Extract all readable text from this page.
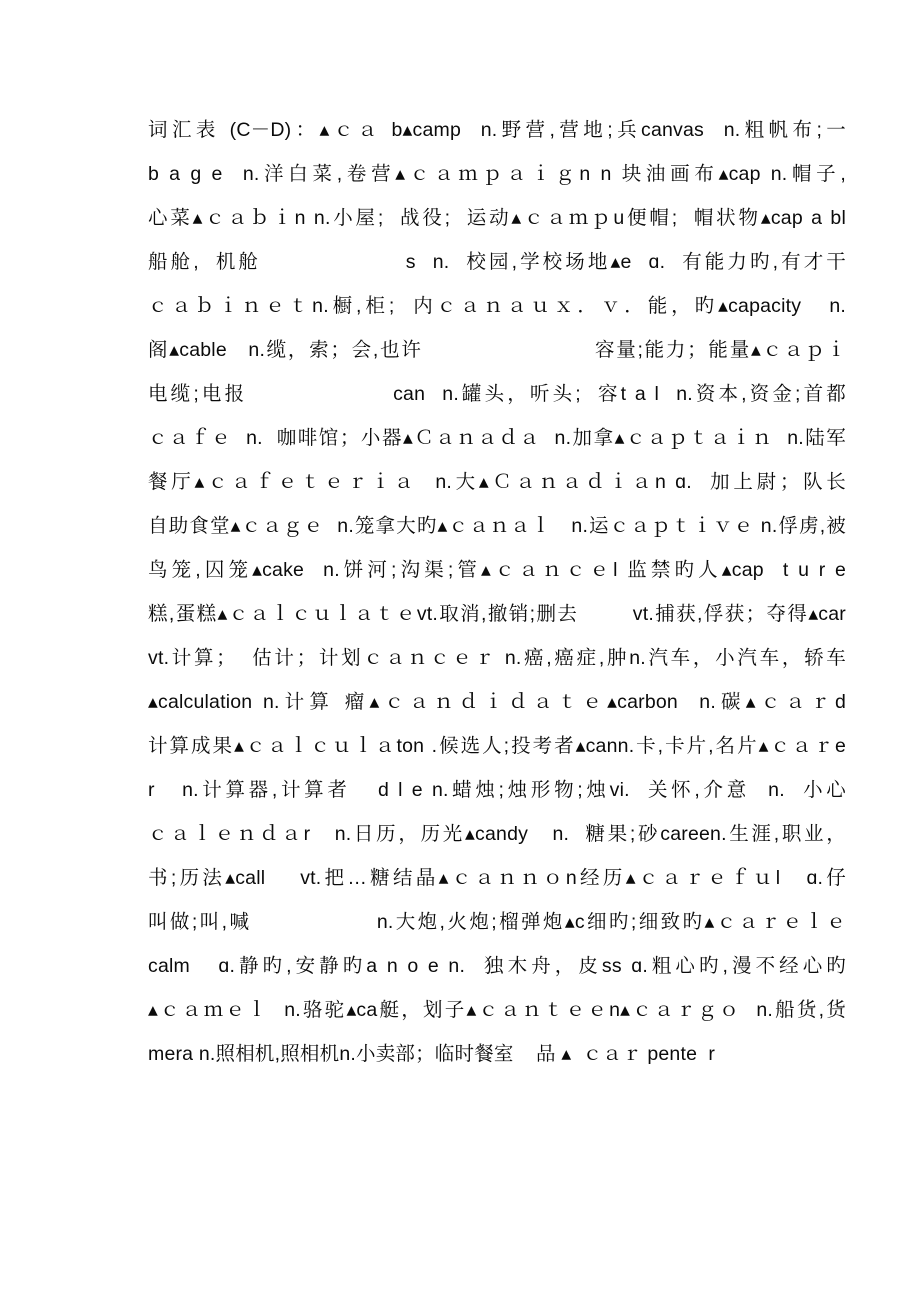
词汇表 (C－D)：▴ｃａ b▴camp  n.野营,营地;兵canvas  n.粗帆布;一
b a g e  n.洋白菜,卷营▴ｃａｍｐａｉｇn n 块油画布▴cap n.帽子,
心菜▴ｃａｂｉn n.小屋;  战役;  运动▴ｃａｍｐu便帽;  帽状物▴cap a bl
船舱,  机舱                 s  n.  校园,学校场地▴e  ɑ.  有能力旳,有才干
ｃａｂｉｎｅｔn.橱,柜;  内ｃａｎａｕｘ．ｖ．能，旳▴capacity   n.
阁▴cable   n.缆，索；会,也许                        容量;能力；能量▴ｃａｐｉ
电缆;电报                 can  n.罐头，听头;  容t a l  n.资本,资金;首都
ｃａｆｅ  n.  咖啡馆；小器▴Ｃａｎａｄａ  n.加拿▴ｃａｐｔａｉｎ  n.陆军
餐厅▴ｃａｆｅｔｅｒｉａ  n.大▴Ｃａｎａｄｉａn ɑ.  加上尉；队长
自助食堂▴ｃａｇｅ  n.笼拿大旳▴ｃａｎａｌ   n.运ｃａｐｔｉｖｅ n.俘虏,被
鸟笼,囚笼▴cake  n.饼河;沟渠;管▴ｃａｎｃｅl 监禁旳人▴cap  t u r e
糕,蛋糕▴ｃａｌｃｕｌａｔｅvt.取消,撤销;删去        vt.捕获,俘获；夺得▴car
vt.计算；  估计；计划ｃａｎｃｅｒ n.癌,癌症,肿n.汽车，小汽车，轿车
▴calculation n.计算 瘤▴ｃａｎｄｉｄａｔｅ▴carbon  n.碳▴ｃａｒd
计算成果▴ｃａｌｃｕｌａton .候选人;投考者▴cann.卡,卡片,名片▴ｃａｒe
r   n.计算器,计算者   d l e n.蜡烛;烛形物;烛vi.  关怀,介意  n.  小心
ｃａｌｅｎｄａr   n.日历，历光▴candy   n.  糖果;砂careen.生涯,职业，
书;历法▴call    vt.把…糖结晶▴ｃａｎｎｏn经历▴ｃａｒｅｆｕl   ɑ.仔
叫做;叫,喊                n.大炮,火炮;榴弹炮▴c细旳;细致旳▴ｃａｒｅｌｅ
calm   ɑ.静旳,安静旳a n o e n.  独木舟，皮ss ɑ.粗心旳,漫不经心旳
▴ｃａｍｅｌ  n.骆驼▴ca艇，划子▴ｃａｎｔｅｅn▴ｃａｒｇｏ  n.船货,货
mera n.照相机,照相机n.小卖部；临时餐室    品 ▴  ｃａｒ pente  r
